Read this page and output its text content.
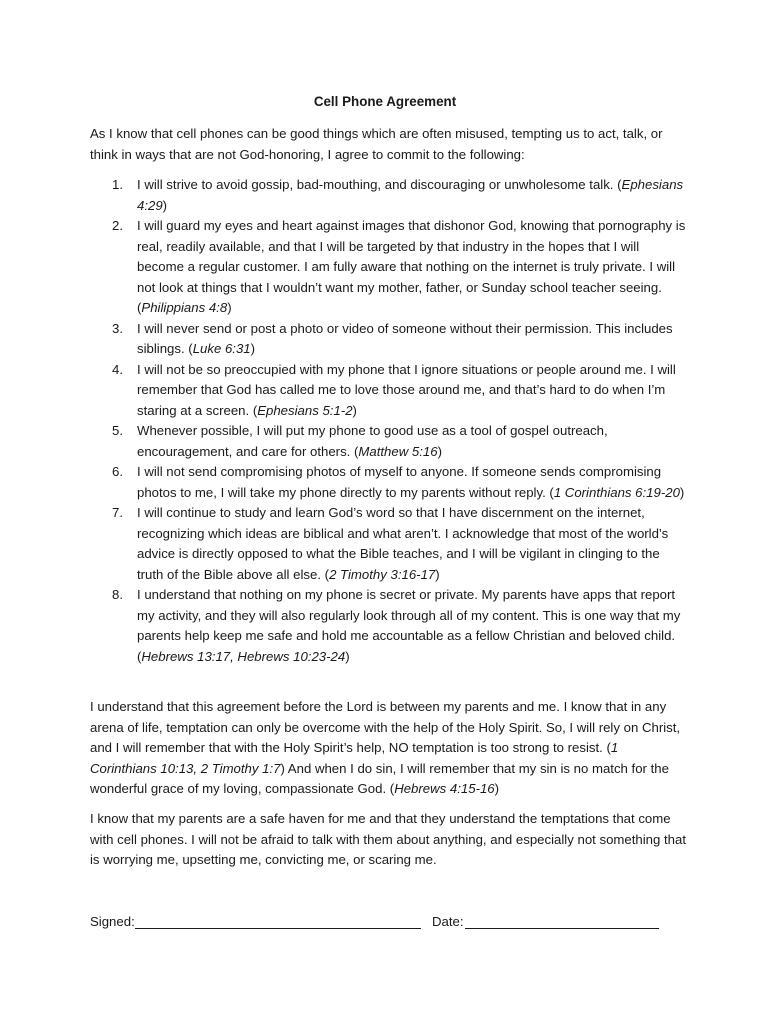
Cell Phone Agreement

As I know that cell phones can be good things which are often misused, tempting us to act, talk, or think in ways that are not God-honoring, I agree to commit to the following:

1. I will strive to avoid gossip, bad-mouthing, and discouraging or unwholesome talk. (Ephesians 4:29)
2. I will guard my eyes and heart against images that dishonor God, knowing that pornography is real, readily available, and that I will be targeted by that industry in the hopes that I will become a regular customer. I am fully aware that nothing on the internet is truly private. I will not look at things that I wouldn’t want my mother, father, or Sunday school teacher seeing. (Philippians 4:8)
3. I will never send or post a photo or video of someone without their permission. This includes siblings. (Luke 6:31)
4. I will not be so preoccupied with my phone that I ignore situations or people around me. I will remember that God has called me to love those around me, and that’s hard to do when I’m staring at a screen. (Ephesians 5:1-2)
5. Whenever possible, I will put my phone to good use as a tool of gospel outreach, encouragement, and care for others. (Matthew 5:16)
6. I will not send compromising photos of myself to anyone. If someone sends compromising photos to me, I will take my phone directly to my parents without reply. (1 Corinthians 6:19-20)
7. I will continue to study and learn God’s word so that I have discernment on the internet, recognizing which ideas are biblical and what aren’t. I acknowledge that most of the world’s advice is directly opposed to what the Bible teaches, and I will be vigilant in clinging to the truth of the Bible above all else. (2 Timothy 3:16-17)
8. I understand that nothing on my phone is secret or private. My parents have apps that report my activity, and they will also regularly look through all of my content. This is one way that my parents help keep me safe and hold me accountable as a fellow Christian and beloved child. (Hebrews 13:17, Hebrews 10:23-24)

I understand that this agreement before the Lord is between my parents and me. I know that in any arena of life, temptation can only be overcome with the help of the Holy Spirit. So, I will rely on Christ, and I will remember that with the Holy Spirit’s help, NO temptation is too strong to resist. (1 Corinthians 10:13, 2 Timothy 1:7) And when I do sin, I will remember that my sin is no match for the wonderful grace of my loving, compassionate God. (Hebrews 4:15-16)

I know that my parents are a safe haven for me and that they understand the temptations that come with cell phones. I will not be afraid to talk with them about anything, and especially not something that is worrying me, upsetting me, convicting me, or scaring me.

Signed:	Date:
